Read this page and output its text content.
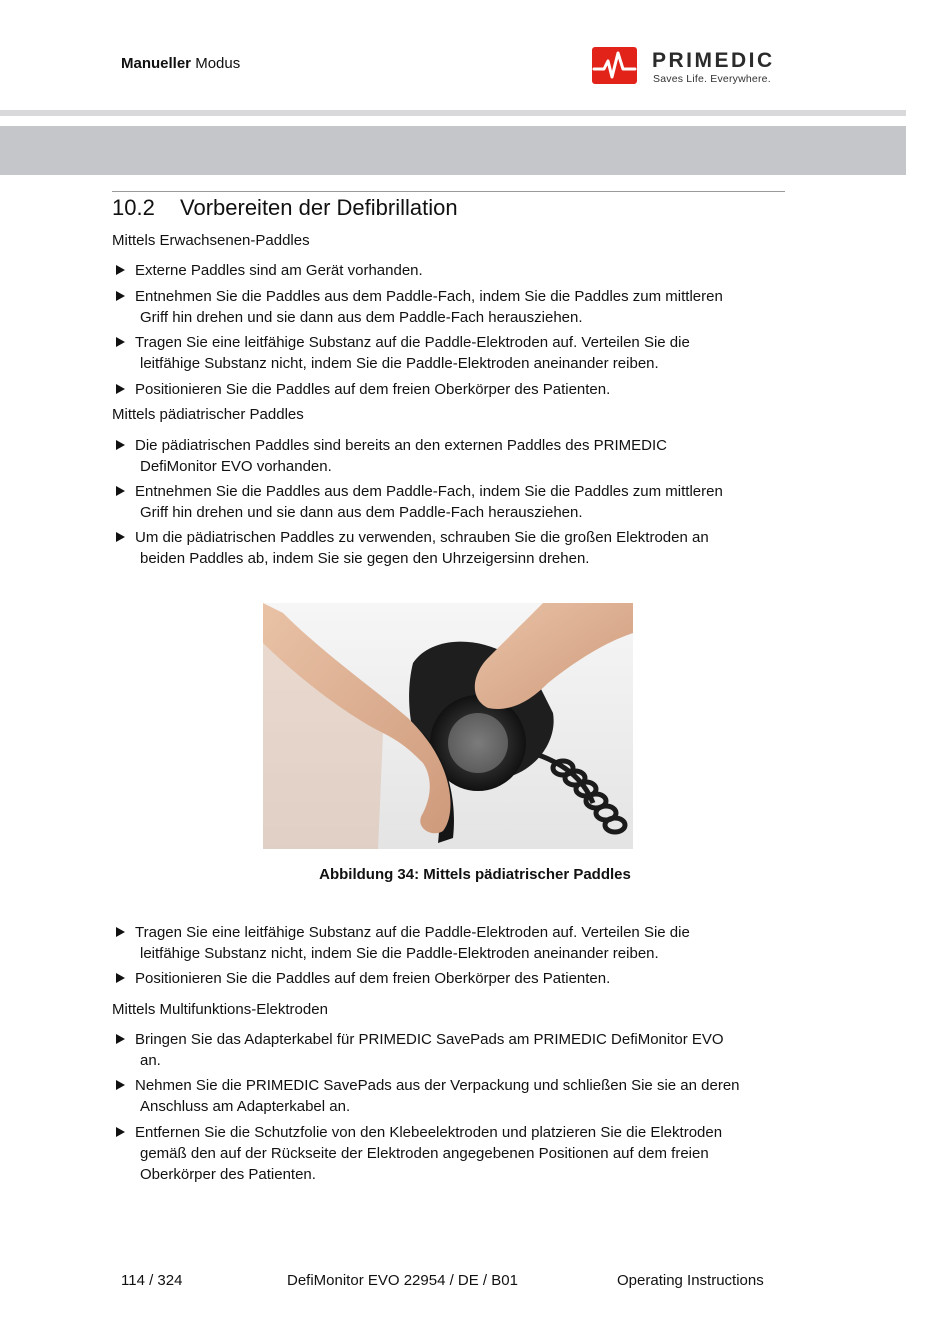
Manueller Modus	PRIMEDIC
Saves Life. Everywhere.
10.2 Vorbereiten der Defibrillation
Mittels Erwachsenen-Paddles
Externe Paddles sind am Gerät vorhanden.
Entnehmen Sie die Paddles aus dem Paddle-Fach, indem Sie die Paddles zum mittleren
Griff hin drehen und sie dann aus dem Paddle-Fach herausziehen.
Tragen Sie eine leitfähige Substanz auf die Paddle-Elektroden auf. Verteilen Sie die
leitfähige Substanz nicht, indem Sie die Paddle-Elektroden aneinander reiben.
Positionieren Sie die Paddles auf dem freien Oberkörper des Patienten.
Mittels pädiatrischer Paddles
Die pädiatrischen Paddles sind bereits an den externen Paddles des PRIMEDIC
DefiMonitor EVO vorhanden.
Entnehmen Sie die Paddles aus dem Paddle-Fach, indem Sie die Paddles zum mittleren
Griff hin drehen und sie dann aus dem Paddle-Fach herausziehen.
Um die pädiatrischen Paddles zu verwenden, schrauben Sie die großen Elektroden an
beiden Paddles ab, indem Sie sie gegen den Uhrzeigersinn drehen.
Tragen Sie eine leitfähige Substanz auf die Paddle-Elektroden auf. Verteilen Sie die
leitfähige Substanz nicht, indem Sie die Paddle-Elektroden aneinander reiben.
Positionieren Sie die Paddles auf dem freien Oberkörper des Patienten.
Mittels Multifunktions-Elektroden
Bringen Sie das Adapterkabel für PRIMEDIC SavePads am PRIMEDIC DefiMonitor EVO
an.
Nehmen Sie die PRIMEDIC SavePads aus der Verpackung und schließen Sie sie an deren
Anschluss am Adapterkabel an.
Entfernen Sie die Schutzfolie von den Klebeelektroden und platzieren Sie die Elektroden
gemäß den auf der Rückseite der Elektroden angegebenen Positionen auf dem freien
Oberkörper des Patienten.
Abbildung 34: Mittels pädiatrischer Paddles
114 / 324	DefiMonitor EVO 22954 / DE / B01	Operating Instructions
